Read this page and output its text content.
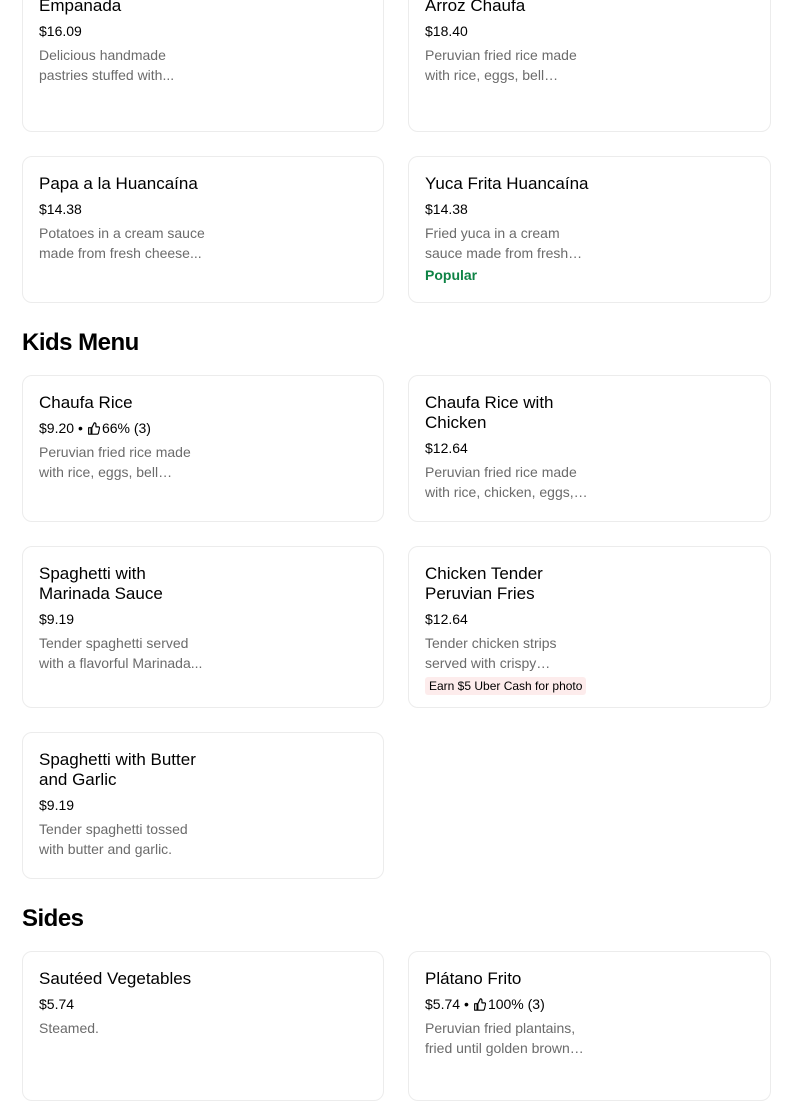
Empanada
$16.09
Delicious handmade pastries stuffed with...
Arroz Chaufa
$18.40
Peruvian fried rice made with rice, eggs, bell
Papa a la Huancaína
$14.38
Potatoes in a cream sauce made from fresh cheese...
Yuca Frita Huancaína
$14.38
Fried yuca in a cream sauce made from fresh
Popular
Kids Menu
Chaufa Rice
$9.20 • 66% (3)
Peruvian fried rice made with rice, eggs, bell
Chaufa Rice with Chicken
$12.64
Peruvian fried rice made with rice, chicken, eggs,
Spaghetti with Marinada Sauce
$9.19
Tender spaghetti served with a flavorful Marinada...
Chicken Tender Peruvian Fries
$12.64
Tender chicken strips served with crispy
Earn $5 Uber Cash for photo
Spaghetti with Butter and Garlic
$9.19
Tender spaghetti tossed with butter and garlic.
Sides
Sautéed Vegetables
$5.74
Steamed.
Plátano Frito
$5.74 • 100% (3)
Peruvian fried plantains, fried until golden brown
